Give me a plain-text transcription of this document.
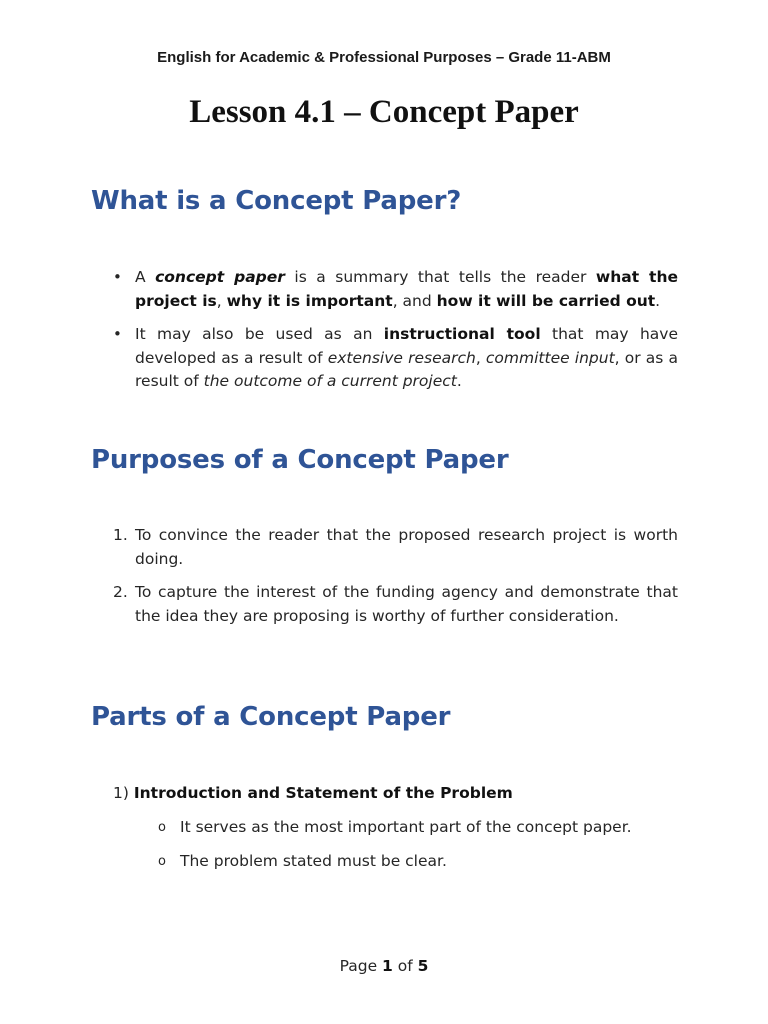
English for Academic & Professional Purposes – Grade 11-ABM
Lesson 4.1 – Concept Paper
What is a Concept Paper?
• A concept paper is a summary that tells the reader what the project is, why it is important, and how it will be carried out.
• It may also be used as an instructional tool that may have developed as a result of extensive research, committee input, or as a result of the outcome of a current project.
Purposes of a Concept Paper
1. To convince the reader that the proposed research project is worth doing.
2. To capture the interest of the funding agency and demonstrate that the idea they are proposing is worthy of further consideration.
Parts of a Concept Paper
1) Introduction and Statement of the Problem
o It serves as the most important part of the concept paper.
o The problem stated must be clear.
Page 1 of 5
